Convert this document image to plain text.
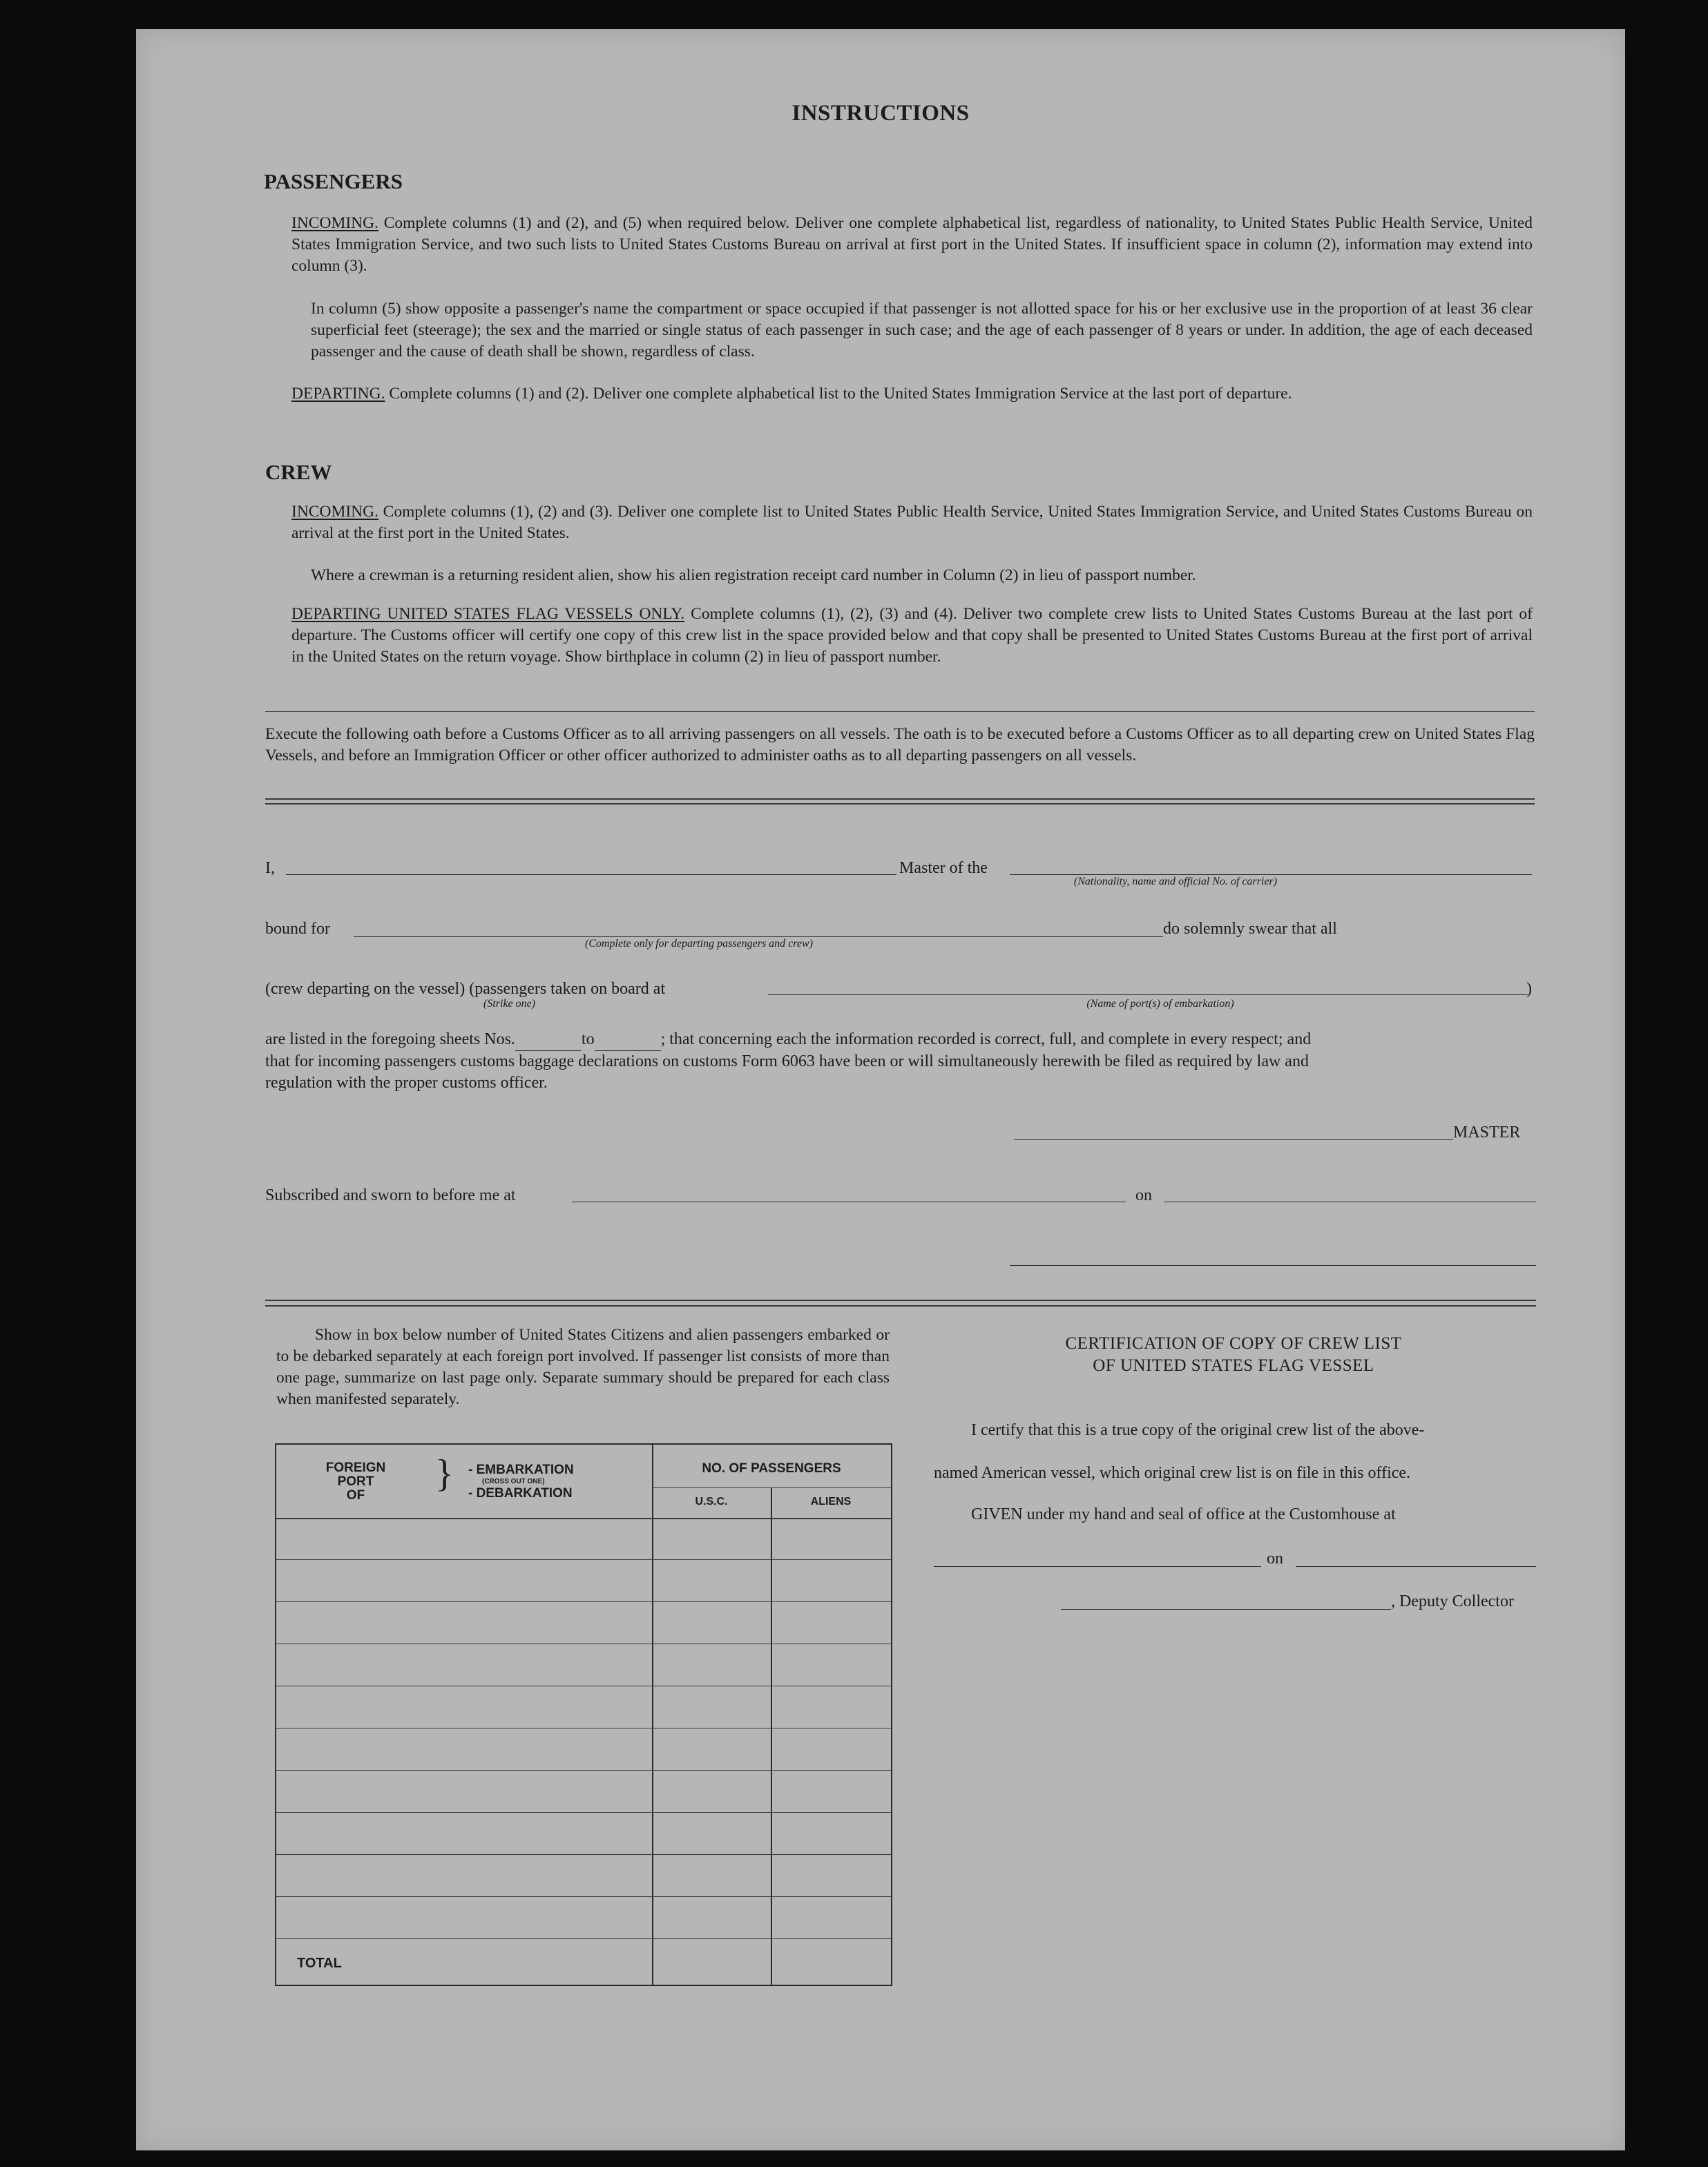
INSTRUCTIONS
PASSENGERS
INCOMING. Complete columns (1) and (2), and (5) when required below. Deliver one complete alphabetical list, regardless of nationality, to United States Public Health Service, United States Immigration Service, and two such lists to United States Customs Bureau on arrival at first port in the United States. If insufficient space in column (2), information may extend into column (3).
In column (5) show opposite a passenger's name the compartment or space occupied if that passenger is not allotted space for his or her exclusive use in the proportion of at least 36 clear superficial feet (steerage); the sex and the married or single status of each passenger in such case; and the age of each passenger of 8 years or under. In addition, the age of each deceased passenger and the cause of death shall be shown, regardless of class.
DEPARTING. Complete columns (1) and (2). Deliver one complete alphabetical list to the United States Immigration Service at the last port of departure.
CREW
INCOMING. Complete columns (1), (2) and (3). Deliver one complete list to United States Public Health Service, United States Immigration Service, and United States Customs Bureau on arrival at the first port in the United States.
Where a crewman is a returning resident alien, show his alien registration receipt card number in Column (2) in lieu of passport number.
DEPARTING UNITED STATES FLAG VESSELS ONLY. Complete columns (1), (2), (3) and (4). Deliver two complete crew lists to United States Customs Bureau at the last port of departure. The Customs officer will certify one copy of this crew list in the space provided below and that copy shall be presented to United States Customs Bureau at the first port of arrival in the United States on the return voyage. Show birthplace in column (2) in lieu of passport number.
Execute the following oath before a Customs Officer as to all arriving passengers on all vessels. The oath is to be executed before a Customs Officer as to all departing crew on United States Flag Vessels, and before an Immigration Officer or other officer authorized to administer oaths as to all departing passengers on all vessels.
I,	Master of the
(Nationality, name and official No. of carrier)
bound for
(Complete only for departing passengers and crew)
do solemnly swear that all
(crew departing on the vessel) (passengers taken on board at
(Strike one)
)
(Name of port(s) of embarkation)
are listed in the foregoing sheets Nos.	to	; that concerning each the information recorded is correct, full, and complete in every respect; and
that for incoming passengers customs baggage declarations on customs Form 6063 have been or will simultaneously herewith be filed as required by law and
regulation with the proper customs officer.
MASTER
Subscribed and sworn to before me at	on
Show in box below number of United States Citizens and alien passengers embarked or to be debarked separately at each foreign port involved. If passenger list consists of more than one page, summarize on last page only. Separate summary should be prepared for each class when manifested separately.
FOREIGN
PORT
OF
} - EMBARKATION
(CROSS OUT ONE)
- DEBARKATION
NO. OF PASSENGERS
U.S.C.	ALIENS
TOTAL
CERTIFICATION OF COPY OF CREW LIST
OF UNITED STATES FLAG VESSEL
I certify that this is a true copy of the original crew list of the above-
named American vessel, which original crew list is on file in this office.
GIVEN under my hand and seal of office at the Customhouse at
on
, Deputy Collector
